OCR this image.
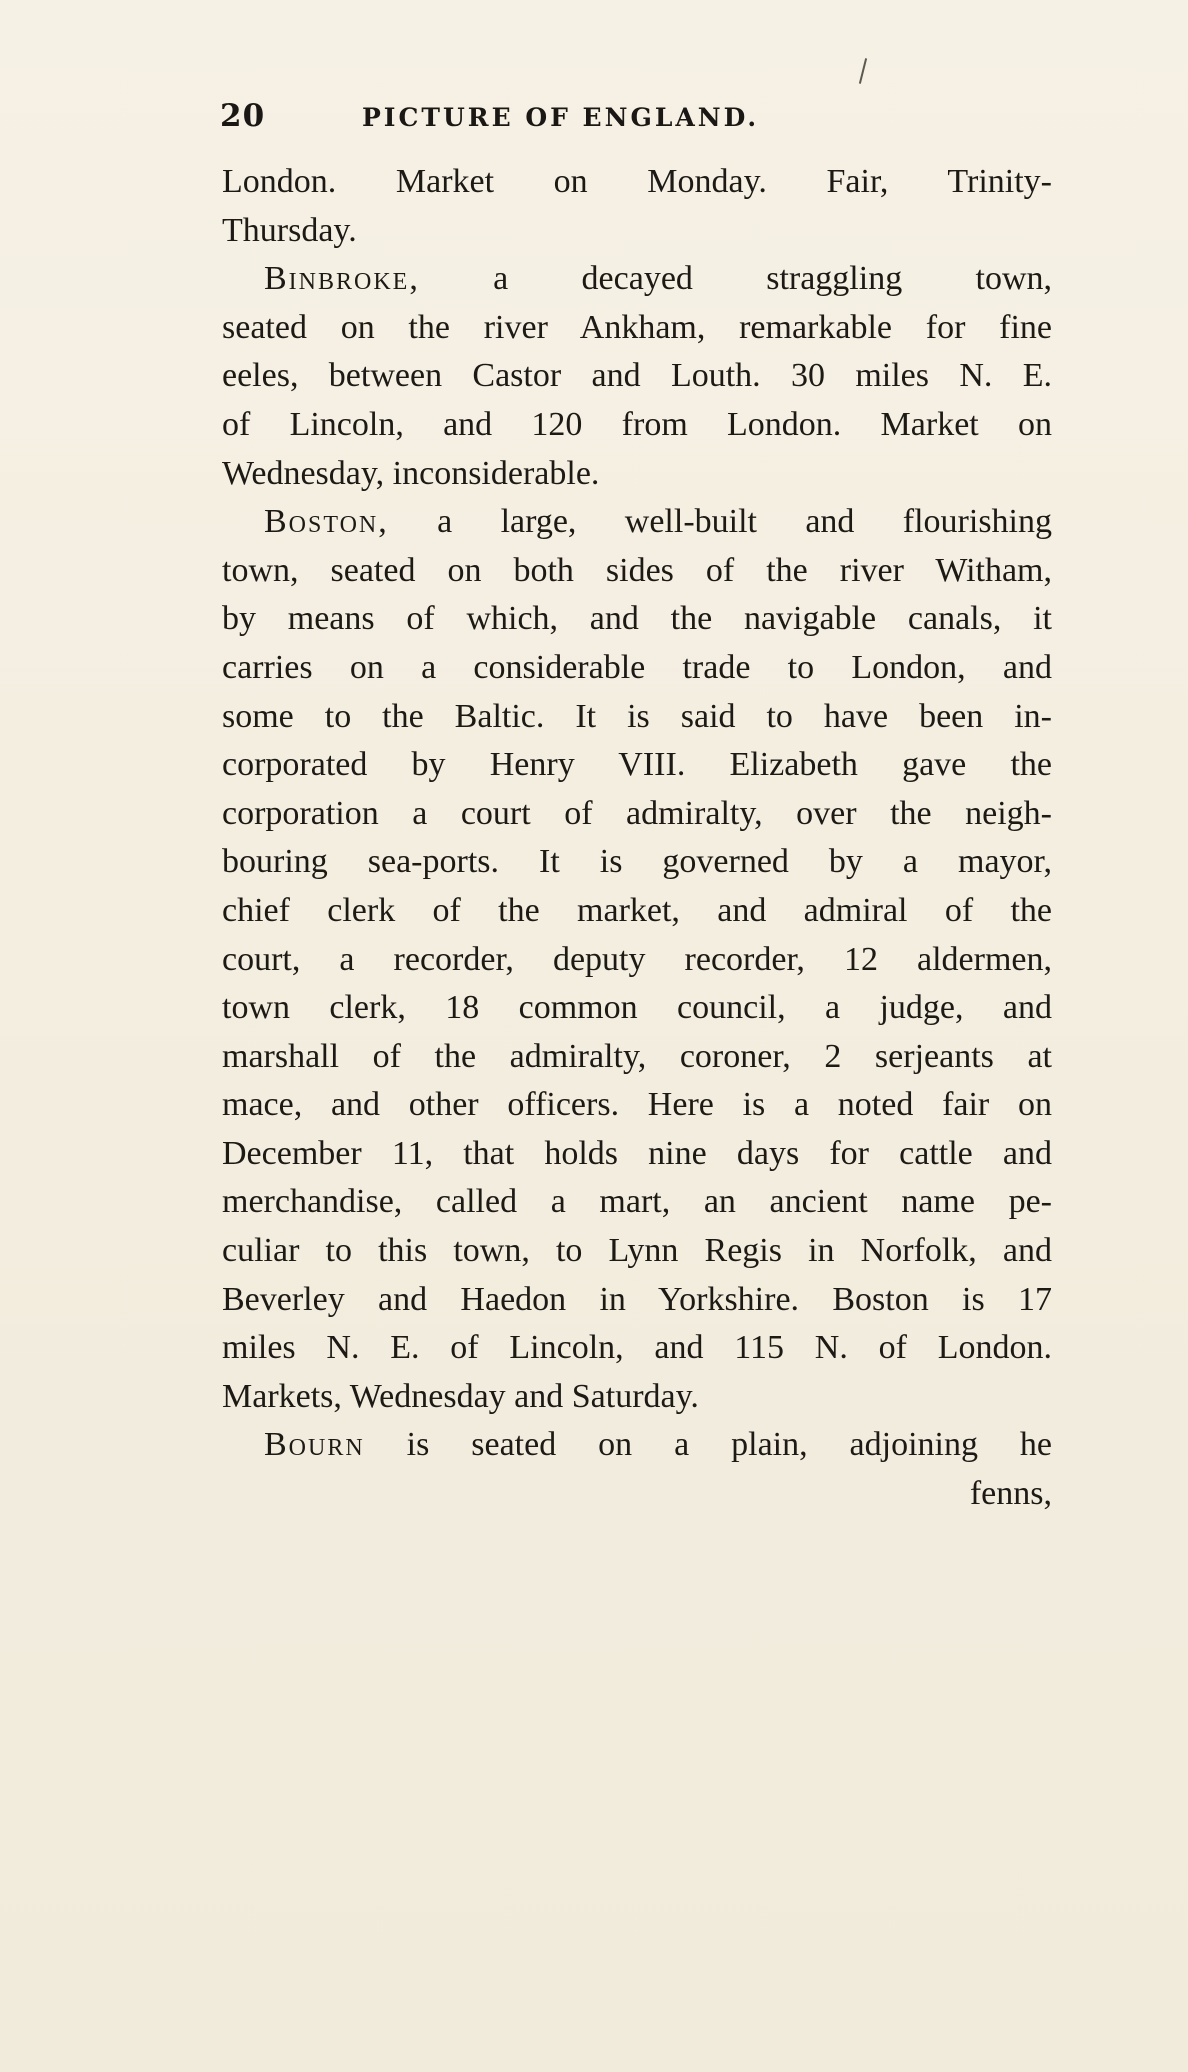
20	PICTURE OF ENGLAND.
London. Market on Monday. Fair, Trinity-
Thursday.
Binbroke, a decayed straggling town,
seated on the river Ankham, remarkable for fine
eeles, between Castor and Louth. 30 miles N. E.
of Lincoln, and 120 from London. Market on
Wednesday, inconsiderable.
Boston, a large, well-built and flourishing
town, seated on both sides of the river Witham,
by means of which, and the navigable canals, it
carries on a considerable trade to London, and
some to the Baltic. It is said to have been in-
corporated by Henry VIII. Elizabeth gave the
corporation a court of admiralty, over the neigh-
bouring sea-ports. It is governed by a mayor,
chief clerk of the market, and admiral of the
court, a recorder, deputy recorder, 12 aldermen,
town clerk, 18 common council, a judge, and
marshall of the admiralty, coroner, 2 serjeants at
mace, and other officers. Here is a noted fair on
December 11, that holds nine days for cattle and
merchandise, called a mart, an ancient name pe-
culiar to this town, to Lynn Regis in Norfolk, and
Beverley and Haedon in Yorkshire. Boston is 17
miles N. E. of Lincoln, and 115 N. of London.
Markets, Wednesday and Saturday.
Bourn is seated on a plain, adjoining he
fenns,
